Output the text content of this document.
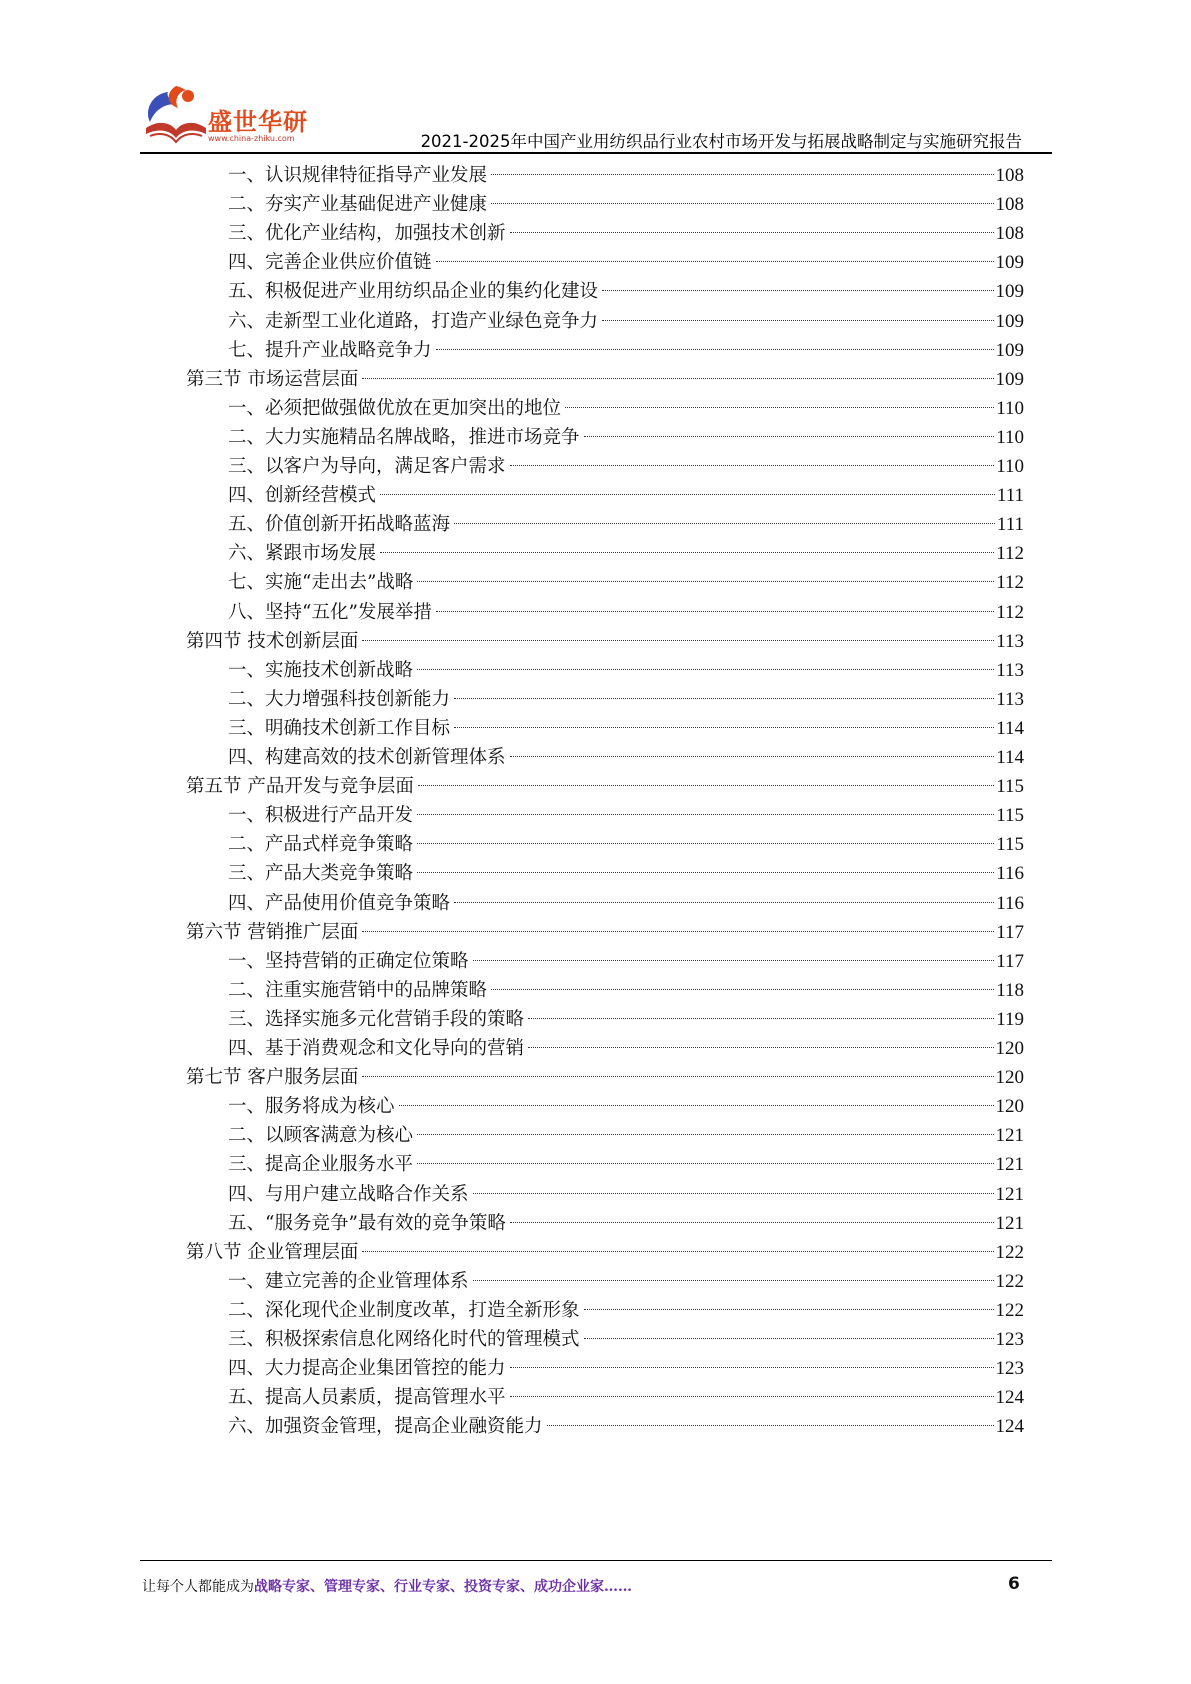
盛世华研
www.china-zhiku.com	2021-2025年中国产业用纺织品行业农村市场开发与拓展战略制定与实施研究报告
一、认识规律特征指导产业发展	108
二、夯实产业基础促进产业健康	108
三、优化产业结构，加强技术创新	108
四、完善企业供应价值链	109
五、积极促进产业用纺织品企业的集约化建设	109
六、走新型工业化道路，打造产业绿色竞争力	109
七、提升产业战略竞争力	109
第三节 市场运营层面	109
一、必须把做强做优放在更加突出的地位	110
二、大力实施精品名牌战略，推进市场竞争	110
三、以客户为导向，满足客户需求	110
四、创新经营模式	111
五、价值创新开拓战略蓝海	111
六、紧跟市场发展	112
七、实施“走出去”战略	112
八、坚持“五化”发展举措	112
第四节 技术创新层面	113
一、实施技术创新战略	113
二、大力增强科技创新能力	113
三、明确技术创新工作目标	114
四、构建高效的技术创新管理体系	114
第五节 产品开发与竞争层面	115
一、积极进行产品开发	115
二、产品式样竞争策略	115
三、产品大类竞争策略	116
四、产品使用价值竞争策略	116
第六节 营销推广层面	117
一、坚持营销的正确定位策略	117
二、注重实施营销中的品牌策略	118
三、选择实施多元化营销手段的策略	119
四、基于消费观念和文化导向的营销	120
第七节 客户服务层面	120
一、服务将成为核心	120
二、以顾客满意为核心	121
三、提高企业服务水平	121
四、与用户建立战略合作关系	121
五、“服务竞争”最有效的竞争策略	121
第八节 企业管理层面	122
一、建立完善的企业管理体系	122
二、深化现代企业制度改革，打造全新形象	122
三、积极探索信息化网络化时代的管理模式	123
四、大力提高企业集团管控的能力	123
五、提高人员素质，提高管理水平	124
六、加强资金管理，提高企业融资能力	124
让每个人都能成为战略专家、管理专家、行业专家、投资专家、成功企业家……	6
